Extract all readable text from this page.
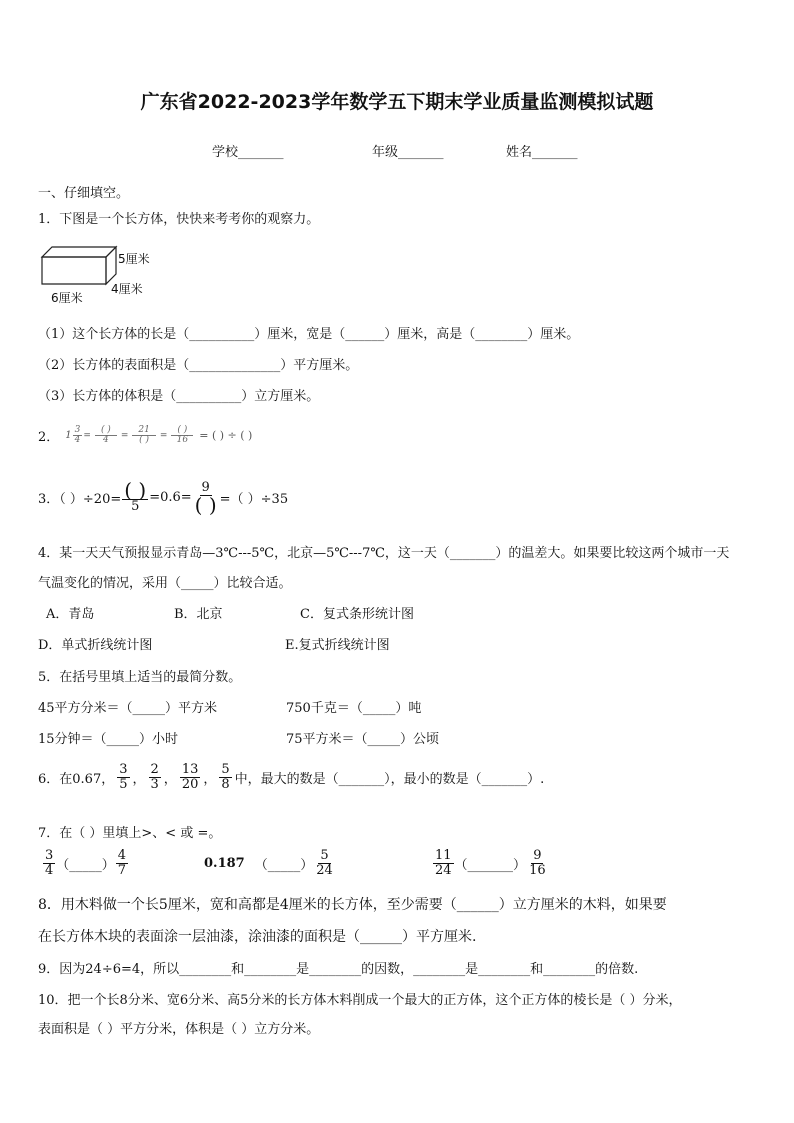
广东省2022-2023学年数学五下期末学业质量监测模拟试题
学校_______	年级_______	姓名_______
一、仔细填空。
1．下图是一个长方体，快快来考考你的观察力。
5厘米
6厘米
4厘米
（1）这个长方体的长是（__________）厘米，宽是（______）厘米，高是（________）厘米。
（2）长方体的表面积是（______________）平方厘米。
（3）长方体的体积是（__________）立方厘米。
2． $1 \frac{3}{4} = \frac{( )}{4} = \frac{21}{( )} = \frac{( )}{16}$ = ( ) ÷ ( )
3．（ ）$\div 20= \frac{( )}{5} =0.6= \frac{9}{( )}$ =（ ）÷35
4．某一天天气预报显示青岛—3℃---5℃，北京—5℃---7℃，这一天（_______）的温差大。如果要比较这两个城市一天
气温变化的情况，采用（_____）比较合适。
A．青岛	B．北京	C．复式条形统计图
D．单式折线统计图	E.复式折线统计图
5．在括号里填上适当的最简分数。
45平方分米＝（_____）平方米	750千克＝（_____）吨
15分钟＝（_____）小时	75平方米＝（_____）公顷
6．在0.67， $\frac{3}{5}$ ， $\frac{2}{3}$ ， $\frac{13}{20}$ ， $\frac{5}{8}$ 中，最大的数是（_______），最小的数是（_______）.
7．在（ ）里填上>、< 或 =。
$\frac{3}{4}$ （_____） $\frac{4}{7}$	0.187 （_____） $\frac{5}{24}$	$\frac{11}{24}$ （_______） $\frac{9}{16}$
8．用木料做一个长5厘米，宽和高都是4厘米的长方体，至少需要（______）立方厘米的木料，如果要
在长方体木块的表面涂一层油漆，涂油漆的面积是（______）平方厘米.
9．因为24÷6=4，所以________和________是________的因数，________是________和________的倍数.
10．把一个长8分米、宽6分米、高5分米的长方体木料削成一个最大的正方体，这个正方体的棱长是（ ）分米，
表面积是（ ）平方分米，体积是（ ）立方分米。
